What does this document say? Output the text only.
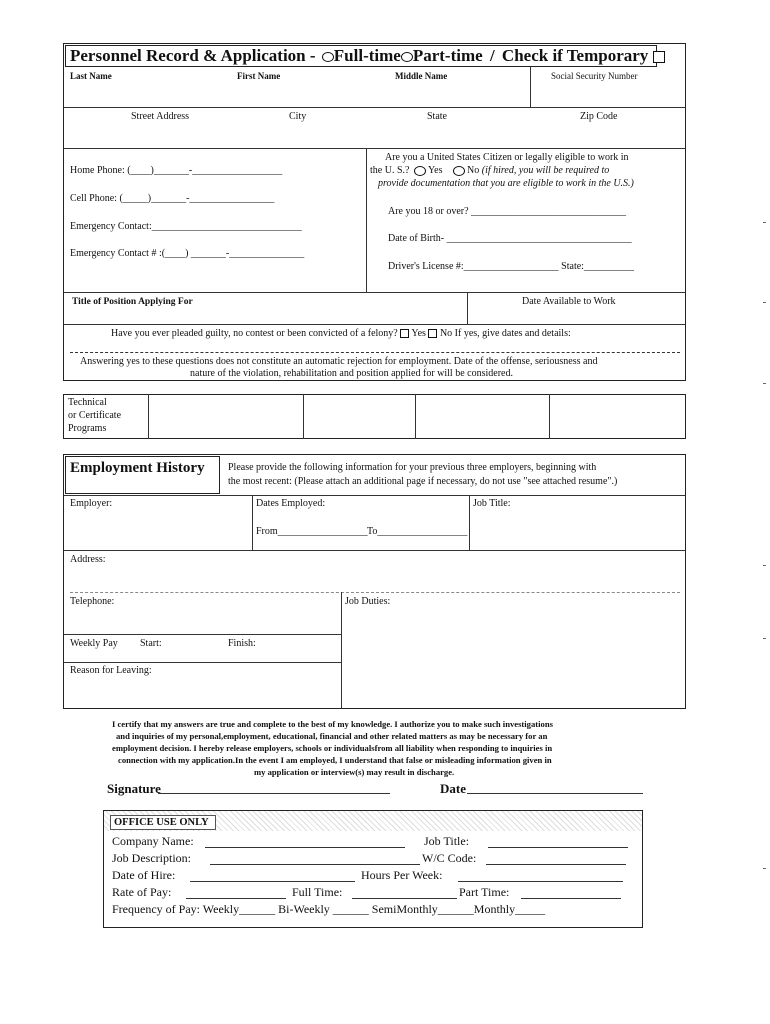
Personnel Record & Application - Full-time Part-time / Check if Temporary
Last Name	First Name	Middle Name	Social Security Number
Street Address	City	State	Zip Code
Home Phone: (____)_______-__________________
Cell Phone: (_____)_______-_________________
Emergency Contact:______________________________
Emergency Contact # :(____) _______-_______________
Are you a United States Citizen or legally eligible to work in
the U. S.? Yes No (if hired, you will be required to
provide documentation that you are eligible to work in the U.S.)
Are you 18 or over? _______________________________
Date of Birth- _____________________________________
Driver's License #:___________________ State:__________
Title of Position Applying For	Date Available to Work
Have you ever pleaded guilty, no contest or been convicted of a felony? Yes No If yes, give dates and details:
Answering yes to these questions does not constitute an automatic rejection for employment. Date of the offense, seriousness and
nature of the violation, rehabilitation and position applied for will be considered.
Technical
or Certificate
Programs
Employment History Please provide the following information for your previous three employers, beginning with
the most recent: (Please attach an additional page if necessary, do not use "see attached resume".)
Employer:	Dates Employed:	Job Title:
From__________________ To__________________
Address:
Telephone:	Job Duties:
Weekly Pay Start:	Finish:
Reason for Leaving:
I certify that my answers are true and complete to the best of my knowledge. I authorize you to make such investigations
and inquiries of my personal,employment, educational, financial and other related matters as may be necessary for an
employment decision. I hereby release employers, schools or individualsfrom all liability when responding to inquiries in
connection with my application.In the event I am employed, I understand that false or misleading information given in
my application or interview(s) may result in discharge.
Signature	Date
OFFICE USE ONLY
Company Name:	Job Title:
Job Description:	W/C Code:
Date of Hire:	Hours Per Week:
Rate of Pay:	Full Time:	Part Time:
Frequency of Pay: Weekly______ Bi-Weekly ______ SemiMonthly______Monthly_____
